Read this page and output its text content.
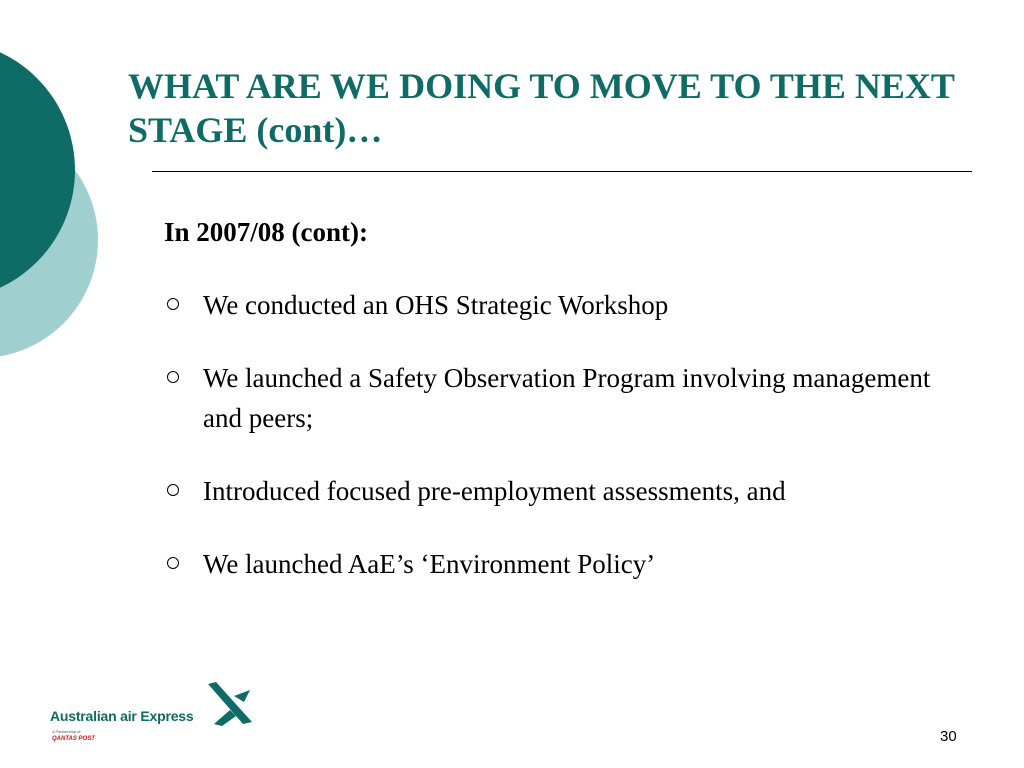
WHAT ARE WE DOING TO MOVE TO THE NEXT STAGE (cont)…
In 2007/08 (cont):
We conducted an OHS Strategic Workshop
We launched a Safety Observation Program involving management and peers;
Introduced focused pre-employment assessments, and
We launched AaE’s ‘Environment Policy’
Australian air Express
A Partnership of
QANTAS POST	30
